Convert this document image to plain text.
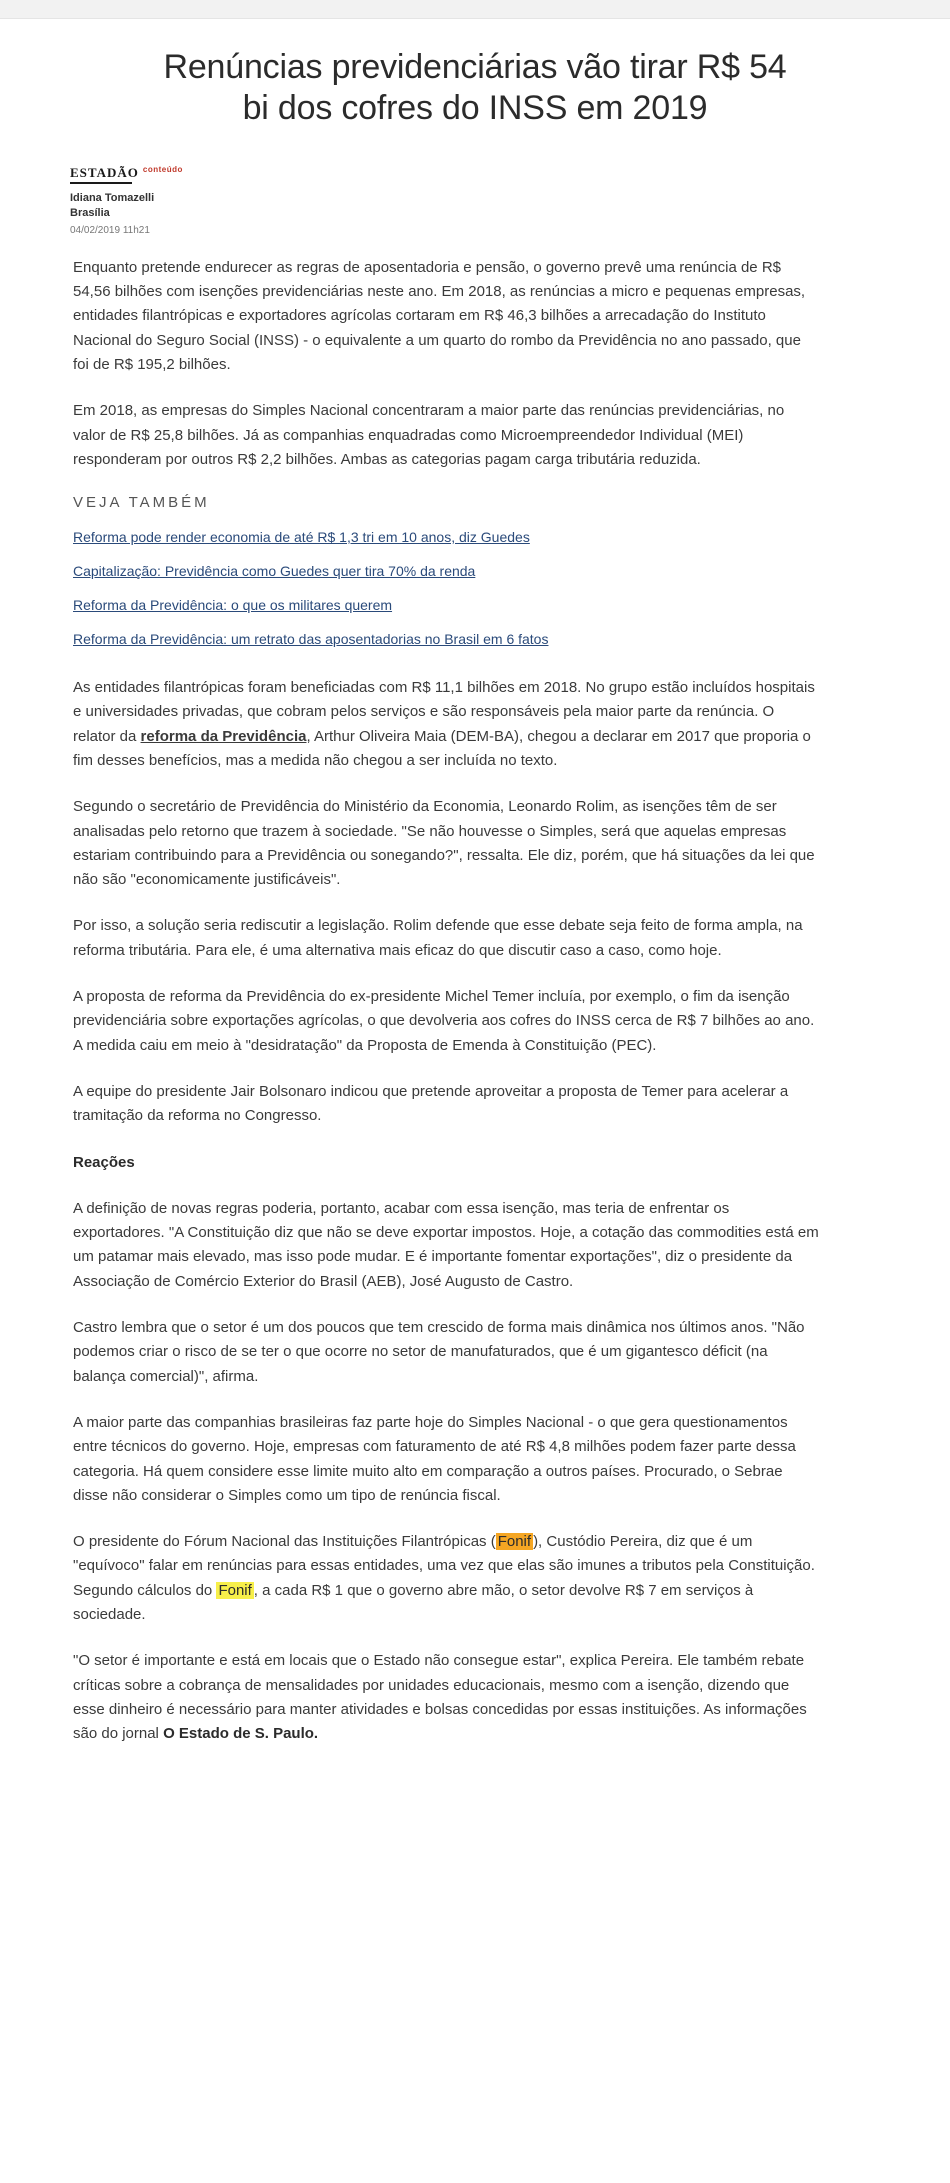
Renúncias previdenciárias vão tirar R$ 54 bi dos cofres do INSS em 2019
ESTADÃO $^{conteúdo}$
Idiana Tomazelli
Brasília
04/02/2019 11h21

Enquanto pretende endurecer as regras de aposentadoria e pensão, o governo prevê uma renúncia de R$ 54,56 bilhões com isenções previdenciárias neste ano. Em 2018, as renúncias a micro e pequenas empresas, entidades filantrópicas e exportadores agrícolas cortaram em R$ 46,3 bilhões a arrecadação do Instituto Nacional do Seguro Social (INSS) - o equivalente a um quarto do rombo da Previdência no ano passado, que foi de R$ 195,2 bilhões.

Em 2018, as empresas do Simples Nacional concentraram a maior parte das renúncias previdenciárias, no valor de R$ 25,8 bilhões. Já as companhias enquadradas como Microempreendedor Individual (MEI) responderam por outros R$ 2,2 bilhões. Ambas as categorias pagam carga tributária reduzida.

VEJA TAMBÉM
Reforma pode render economia de até R$ 1,3 tri em 10 anos, diz Guedes
Capitalização: Previdência como Guedes quer tira 70% da renda
Reforma da Previdência: o que os militares querem
Reforma da Previdência: um retrato das aposentadorias no Brasil em 6 fatos

As entidades filantrópicas foram beneficiadas com R$ 11,1 bilhões em 2018. No grupo estão incluídos hospitais e universidades privadas, que cobram pelos serviços e são responsáveis pela maior parte da renúncia. O relator da reforma da Previdência, Arthur Oliveira Maia (DEM-BA), chegou a declarar em 2017 que proporia o fim desses benefícios, mas a medida não chegou a ser incluída no texto.

Segundo o secretário de Previdência do Ministério da Economia, Leonardo Rolim, as isenções têm de ser analisadas pelo retorno que trazem à sociedade. "Se não houvesse o Simples, será que aquelas empresas estariam contribuindo para a Previdência ou sonegando?", ressalta. Ele diz, porém, que há situações da lei que não são "economicamente justificáveis".

Por isso, a solução seria rediscutir a legislação. Rolim defende que esse debate seja feito de forma ampla, na reforma tributária. Para ele, é uma alternativa mais eficaz do que discutir caso a caso, como hoje.

A proposta de reforma da Previdência do ex-presidente Michel Temer incluía, por exemplo, o fim da isenção previdenciária sobre exportações agrícolas, o que devolveria aos cofres do INSS cerca de R$ 7 bilhões ao ano. A medida caiu em meio à "desidratação" da Proposta de Emenda à Constituição (PEC).

A equipe do presidente Jair Bolsonaro indicou que pretende aproveitar a proposta de Temer para acelerar a tramitação da reforma no Congresso.

Reações

A definição de novas regras poderia, portanto, acabar com essa isenção, mas teria de enfrentar os exportadores. "A Constituição diz que não se deve exportar impostos. Hoje, a cotação das commodities está em um patamar mais elevado, mas isso pode mudar. E é importante fomentar exportações", diz o presidente da Associação de Comércio Exterior do Brasil (AEB), José Augusto de Castro.

Castro lembra que o setor é um dos poucos que tem crescido de forma mais dinâmica nos últimos anos. "Não podemos criar o risco de se ter o que ocorre no setor de manufaturados, que é um gigantesco déficit (na balança comercial)", afirma.

A maior parte das companhias brasileiras faz parte hoje do Simples Nacional - o que gera questionamentos entre técnicos do governo. Hoje, empresas com faturamento de até R$ 4,8 milhões podem fazer parte dessa categoria. Há quem considere esse limite muito alto em comparação a outros países. Procurado, o Sebrae disse não considerar o Simples como um tipo de renúncia fiscal.

O presidente do Fórum Nacional das Instituições Filantrópicas ( Fonif ), Custódio Pereira, diz que é um "equívoco" falar em renúncias para essas entidades, uma vez que elas são imunes a tributos pela Constituição. Segundo cálculos do Fonif , a cada R$ 1 que o governo abre mão, o setor devolve R$ 7 em serviços à sociedade.

"O setor é importante e está em locais que o Estado não consegue estar", explica Pereira. Ele também rebate críticas sobre a cobrança de mensalidades por unidades educacionais, mesmo com a isenção, dizendo que esse dinheiro é necessário para manter atividades e bolsas concedidas por essas instituições. As informações são do jornal O Estado de S. Paulo.
